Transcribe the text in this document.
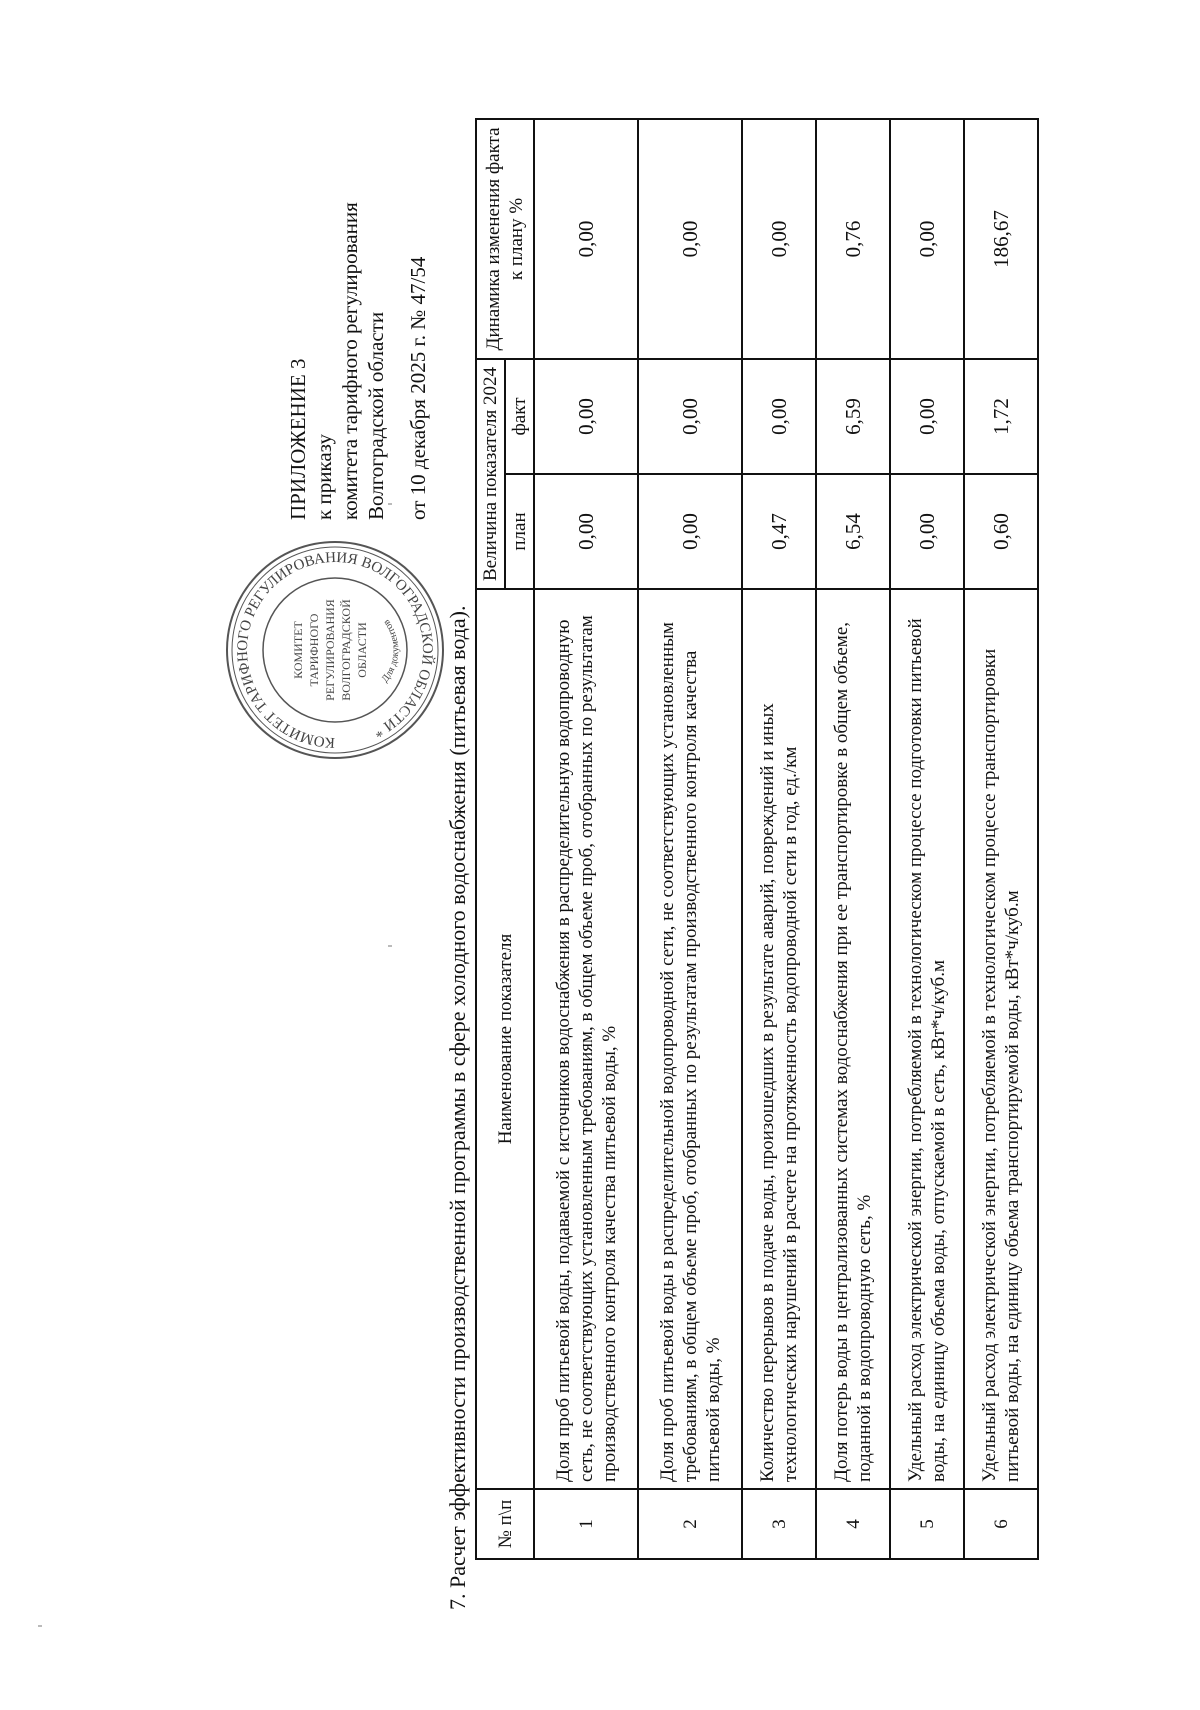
ПРИЛОЖЕНИЕ 3 к приказу комитета тарифного регулирования Волгоградской области от 10 декабря 2025 г. № 47/54
КОМИТЕТ ТАРИФНОГО РЕГУЛИРОВАНИЯ ВОЛГОГРАДСКОЙ ОБЛАСТИ *
КОМИТЕТ ТАРИФНОГО РЕГУЛИРОВАНИЯ ВОЛГОГРАДСКОЙ ОБЛАСТИ
Для документов	7. Расчет эффективности производственной программы в сфере холодного водоснабжения (питьевая вода). № п\п	Наименование показателя	Величина показателя 2024		Динамика изменения факта к плану %
		план	факт	
1	Доля проб питьевой воды, подаваемой с источников водоснабжения в распределительную водопроводную сеть, не соответствующих установленным требованиям, в общем объеме проб, отобранных по результатам производственного контроля качества питьевой воды, %	0,00	0,00	0,00
2	Доля проб питьевой воды в распределительной водопроводной сети, не соответствующих установленным требованиям, в общем объеме проб, отобранных по результатам производственного контроля качества питьевой воды, %	0,00	0,00	0,00
3	Количество перерывов в подаче воды, произошедших в результате аварий, повреждений и иных технологических нарушений в расчете на протяженность водопроводной сети в год, ед./км	0,47	0,00	0,00
4	Доля потерь воды в централизованных системах водоснабжения при ее транспортировке в общем объеме, поданной в водопроводную сеть, %	6,54	6,59	0,76
5	Удельный расход электрической энергии, потребляемой в технологическом процессе подготовки питьевой воды, на единицу объема воды, отпускаемой в сеть, кВт*ч/куб.м	0,00	0,00	0,00
6	Удельный расход электрической энергии, потребляемой в технологическом процессе транспортировки питьевой воды, на единицу объема транспортируемой воды, кВт*ч/куб.м	0,60	1,72	186,67
